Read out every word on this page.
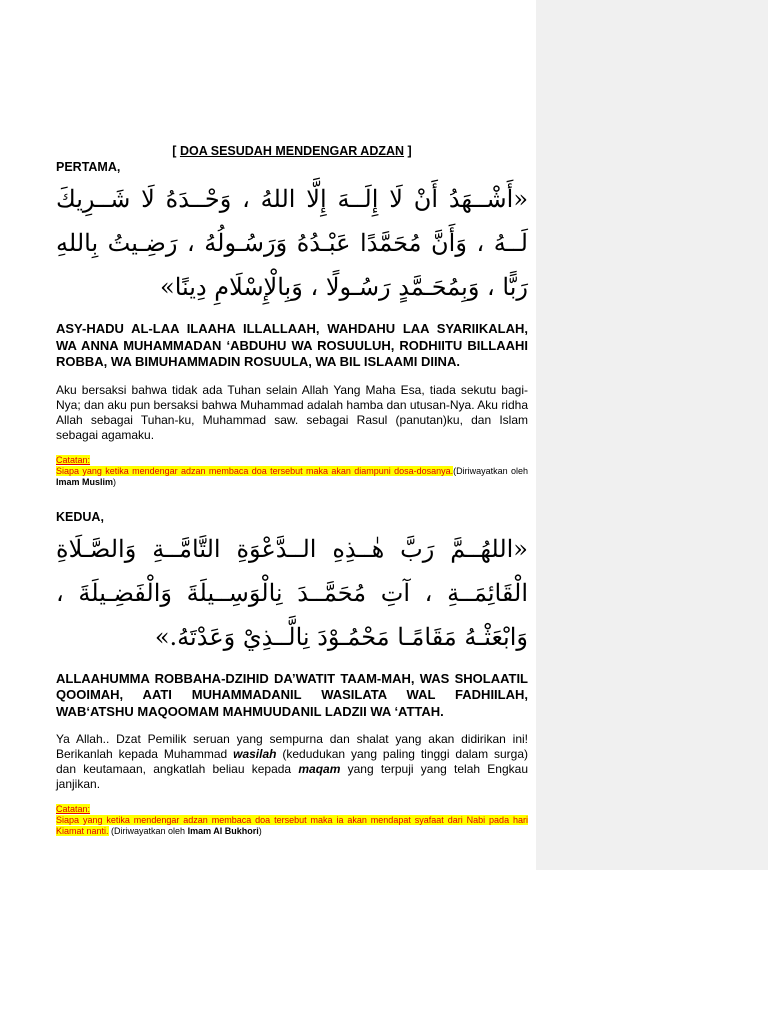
[ DOA SESUDAH MENDENGAR ADZAN ]
PERTAMA,
«أَشْــهَدُ أَنْ لَا إِلَــهَ إِلَّا اللهُ ، وَحْــدَهُ لَا شَــرِيكَ لَــهُ ، وَأَنَّ مُحَمَّدًا عَبْـدُهُ وَرَسُـولُهُ ، رَضِـيتُ بِاللهِ رَبًّا ، وَبِمُحَـمَّدٍ رَسُـولًا ، وَبِالْإِسْلَامِ دِينًا»
ASY-HADU AL-LAA ILAAHA ILLALLAAH, WAHDAHU LAA SYARIIKALAH, WA ANNA MUHAMMADAN ‘ABDUHU WA ROSUULUH, RODHIITU BILLAAHI ROBBA, WA BIMUHAMMADIN ROSUULA, WA BIL ISLAAMI DIINA.
Aku bersaksi bahwa tidak ada Tuhan selain Allah Yang Maha Esa, tiada sekutu bagi-Nya; dan aku pun bersaksi bahwa Muhammad adalah hamba dan utusan-Nya. Aku ridha Allah sebagai Tuhan-ku, Muhammad saw. sebagai Rasul (panutan)ku, dan Islam sebagai agamaku.
Catatan:
Siapa yang ketika mendengar adzan membaca doa tersebut maka akan diampuni dosa-dosanya.(Diriwayatkan oleh Imam Muslim)
KEDUA,
«اللهُــمَّ رَبَّ هٰــذِهِ الــدَّعْوَةِ التَّامَّــةِ وَالصَّـلَاةِ الْقَائِمَــةِ ، آتِ مُحَمَّــدَ نِالْوَسِــيلَةَ وَالْفَضِـيلَةَ ، وَابْعَثْـهُ مَقَامًـا مَحْمُـوْدَ نِالَّــذِيْ وَعَدْتَهُ.»
ALLAAHUMMA ROBBAHA-DZIHID DA’WATIT TAAM-MAH, WAS SHOLAATIL QOOIMAH, AATI MUHAMMADANIL WASILATA WAL FADHIILAH, WAB‘ATSHU MAQOOMAM MAHMUUDANIL LADZII WA ‘ATTAH.
Ya Allah.. Dzat Pemilik seruan yang sempurna dan shalat yang akan didirikan ini! Berikanlah kepada Muhammad wasilah (kedudukan yang paling tinggi dalam surga) dan keutamaan, angkatlah beliau kepada maqam yang terpuji yang telah Engkau janjikan.
Catatan:
Siapa yang ketika mendengar adzan membaca doa tersebut maka ia akan mendapat syafaat dari Nabi pada hari Kiamat nanti. (Diriwayatkan oleh Imam Al Bukhori)
